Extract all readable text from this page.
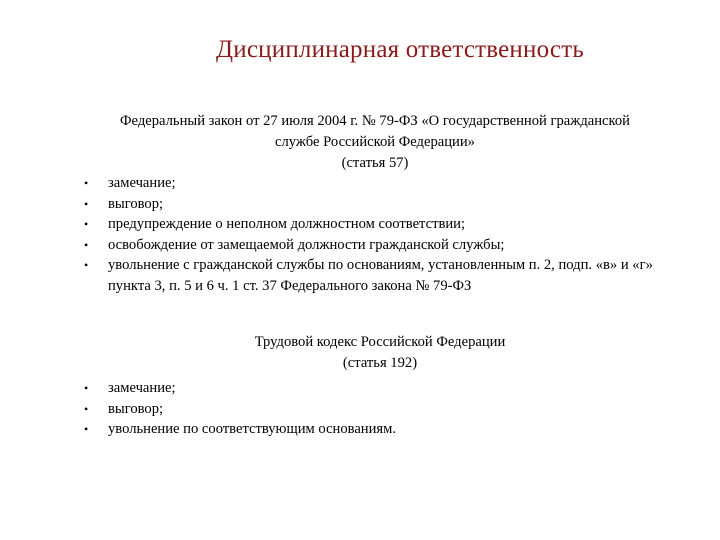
Дисциплинарная ответственность
Федеральный закон от 27 июля 2004 г. № 79-ФЗ «О государственной гражданской
службе Российской Федерации»
(статья 57)
• замечание;
• выговор;
• предупреждение о неполном должностном соответствии;
• освобождение от замещаемой должности гражданской службы;
• увольнение с гражданской службы по основаниям, установленным п. 2, подп. «в» и «г» пункта 3, п. 5 и 6 ч. 1 ст. 37 Федерального закона № 79-ФЗ
Трудовой кодекс Российской Федерации
(статья 192)
• замечание;
• выговор;
• увольнение по соответствующим основаниям.
